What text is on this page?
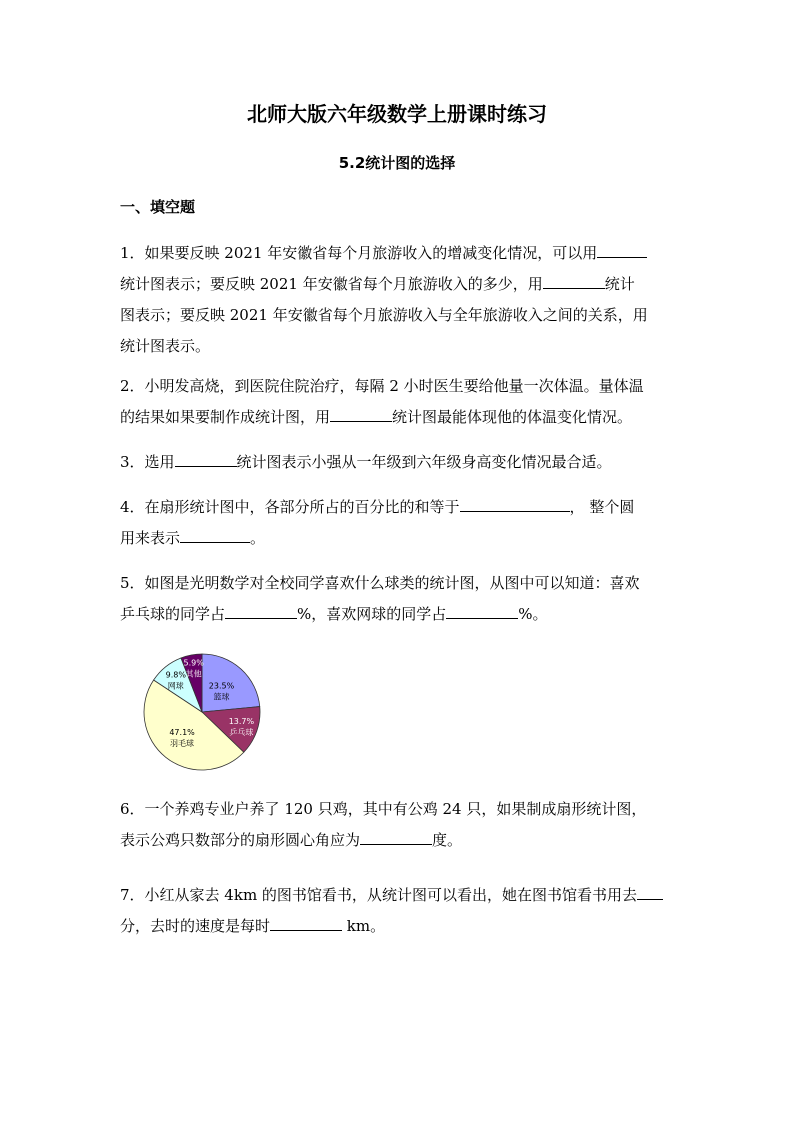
北师大版六年级数学上册课时练习
5.2统计图的选择
一、填空题

1．如果要反映 2021 年安徽省每个月旅游收入的增减变化情况，可以用

统计图表示；要反映 2021 年安徽省每个月旅游收入的多少，用	统计

图表示；要反映 2021 年安徽省每个月旅游收入与全年旅游收入之间的关系，用

统计图表示。

2．小明发高烧，到医院住院治疗，每隔 2 小时医生要给他量一次体温。量体温

的结果如果要制作成统计图，用	统计图最能体现他的体温变化情况。

3．选用	统计图表示小强从一年级到六年级身高变化情况最合适。

4．在扇形统计图中，各部分所占的百分比的和等于	， 整个圆

用来表示	。

5．如图是光明数学对全校同学喜欢什么球类的统计图，从图中可以知道：喜欢

乒乓球的同学占	%，喜欢网球的同学占	%。

23.5%
篮球
13.7%
乒乓球
47.1%
羽毛球
9.8%
网球
5.9%
其他

6．一个养鸡专业户养了 120 只鸡，其中有公鸡 24 只，如果制成扇形统计图，

表示公鸡只数部分的扇形圆心角应为	度。

7．小红从家去 4km 的图书馆看书，从统计图可以看出，她在图书馆看书用去

分，去时的速度是每时	km。
